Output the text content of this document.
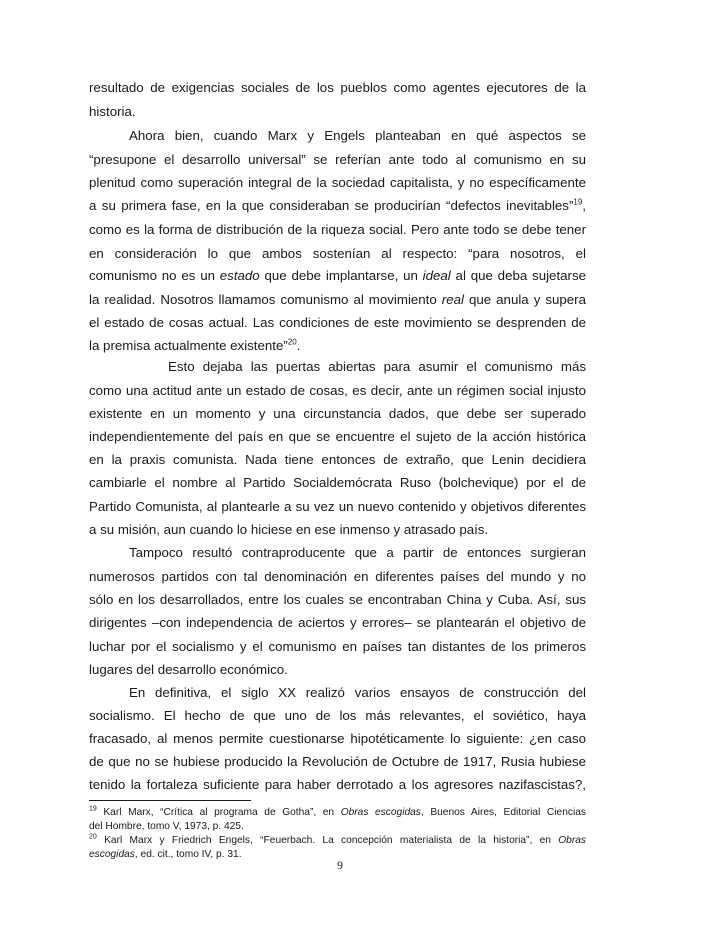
resultado de exigencias sociales de los pueblos como agentes ejecutores de la
historia.
Ahora bien, cuando Marx y Engels planteaban en qué aspectos se
“presupone el desarrollo universal” se referían ante todo al comunismo en su
plenitud como superación integral de la sociedad capitalista, y no específicamente
a su primera fase, en la que consideraban se producirían “defectos inevitables”$^{19}$,
como es la forma de distribución de la riqueza social. Pero ante todo se debe tener
en consideración lo que ambos sostenían al respecto: “para nosotros, el
comunismo no es un estado que debe implantarse, un ideal al que deba sujetarse
la realidad. Nosotros llamamos comunismo al movimiento real que anula y supera
el estado de cosas actual. Las condiciones de este movimiento se desprenden de
la premisa actualmente existente”$^{20}$.
Esto dejaba las puertas abiertas para asumir el comunismo más
como una actitud ante un estado de cosas, es decir, ante un régimen social injusto
existente en un momento y una circunstancia dados, que debe ser superado
independientemente del país en que se encuentre el sujeto de la acción histórica
en la praxis comunista. Nada tiene entonces de extraño, que Lenin decidiera
cambiarle el nombre al Partido Socialdemócrata Ruso (bolchevique) por el de
Partido Comunista, al plantearle a su vez un nuevo contenido y objetivos diferentes
a su misión, aun cuando lo hiciese en ese inmenso y atrasado país.
Tampoco resultó contraproducente que a partir de entonces surgieran
numerosos partidos con tal denominación en diferentes países del mundo y no
sólo en los desarrollados, entre los cuales se encontraban China y Cuba. Así, sus
dirigentes –con independencia de aciertos y errores– se plantearán el objetivo de
luchar por el socialismo y el comunismo en países tan distantes de los primeros
lugares del desarrollo económico.
En definitiva, el siglo XX realizó varios ensayos de construcción del
socialismo. El hecho de que uno de los más relevantes, el soviético, haya
fracasado, al menos permite cuestionarse hipotéticamente lo siguiente: ¿en caso
de que no se hubiese producido la Revolución de Octubre de 1917, Rusia hubiese
tenido la fortaleza suficiente para haber derrotado a los agresores nazifascistas?,
$^{19}$ Karl Marx, “Crítica al programa de Gotha”, en Obras escogidas, Buenos Aires, Editorial Ciencias
del Hombre, tomo V, 1973, p. 425.
$^{20}$ Karl Marx y Friedrich Engels, “Feuerbach. La concepción materialista de la historia”, en Obras
escogidas, ed. cit., tomo IV, p. 31.
9
